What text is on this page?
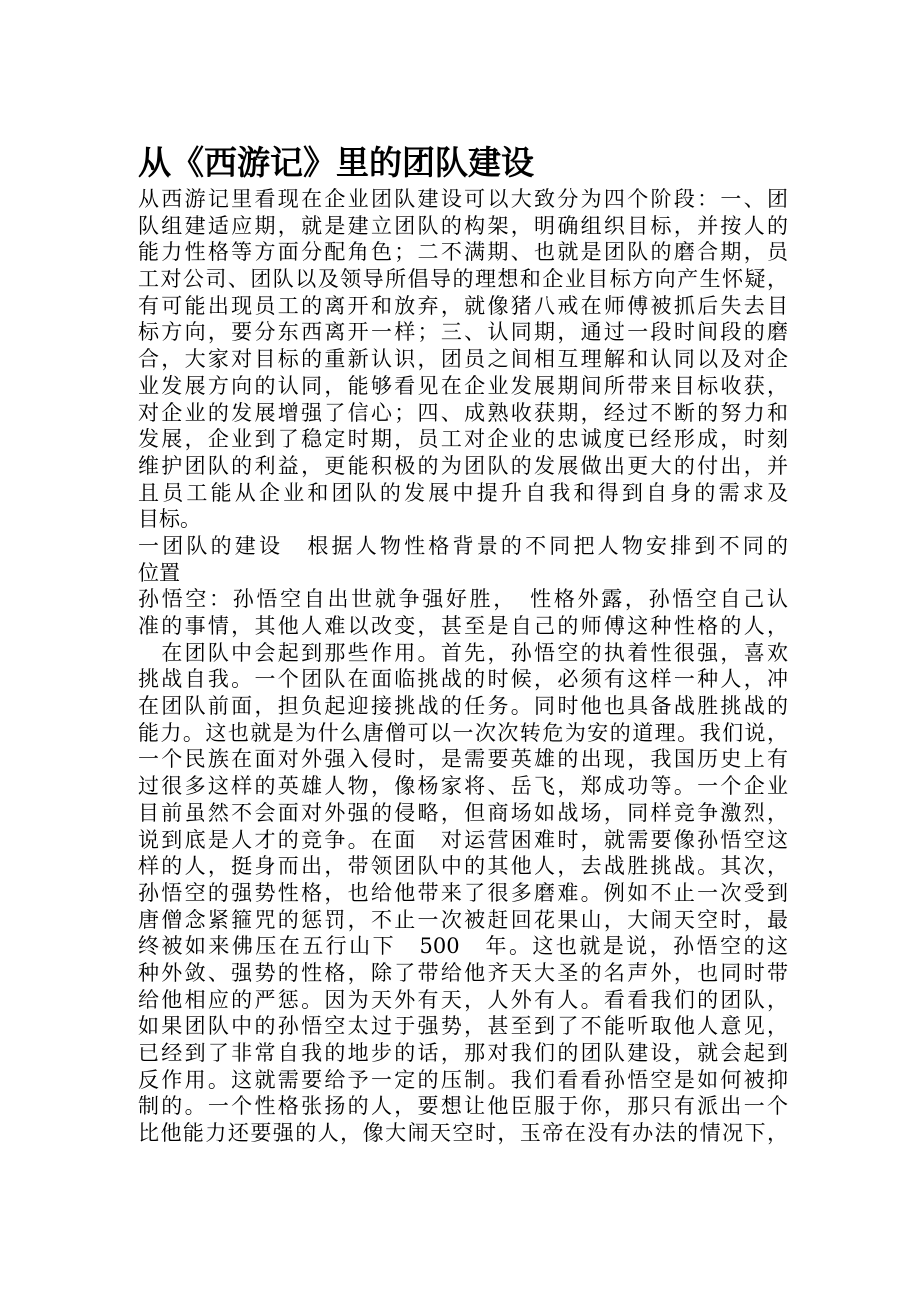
从《西游记》里的团队建设
从西游记里看现在企业团队建设可以大致分为四个阶段：一、团
队组建适应期，就是建立团队的构架，明确组织目标，并按人的
能力性格等方面分配角色；二不满期、也就是团队的磨合期，员
工对公司、团队以及领导所倡导的理想和企业目标方向产生怀疑，
有可能出现员工的离开和放弃，就像猪八戒在师傅被抓后失去目
标方向，要分东西离开一样；三、认同期，通过一段时间段的磨
合，大家对目标的重新认识，团员之间相互理解和认同以及对企
业发展方向的认同，能够看见在企业发展期间所带来目标收获，
对企业的发展增强了信心；四、成熟收获期，经过不断的努力和
发展，企业到了稳定时期，员工对企业的忠诚度已经形成，时刻
维护团队的利益，更能积极的为团队的发展做出更大的付出，并
且员工能从企业和团队的发展中提升自我和得到自身的需求及
目标。
一团队的建设　根据人物性格背景的不同把人物安排到不同的
位置
孙悟空：孙悟空自出世就争强好胜，　性格外露，孙悟空自己认
准的事情，其他人难以改变，甚至是自己的师傅这种性格的人，
　在团队中会起到那些作用。首先，孙悟空的执着性很强，喜欢
挑战自我。一个团队在面临挑战的时候，必须有这样一种人，冲
在团队前面，担负起迎接挑战的任务。同时他也具备战胜挑战的
能力。这也就是为什么唐僧可以一次次转危为安的道理。我们说，
一个民族在面对外强入侵时，是需要英雄的出现，我国历史上有
过很多这样的英雄人物，像杨家将、岳飞，郑成功等。一个企业
目前虽然不会面对外强的侵略，但商场如战场，同样竞争激烈，
说到底是人才的竞争。在面　对运营困难时，就需要像孙悟空这
样的人，挺身而出，带领团队中的其他人，去战胜挑战。其次，
孙悟空的强势性格，也给他带来了很多磨难。例如不止一次受到
唐僧念紧箍咒的惩罚，不止一次被赶回花果山，大闹天空时，最
终被如来佛压在五行山下　500　年。这也就是说，孙悟空的这
种外敛、强势的性格，除了带给他齐天大圣的名声外，也同时带
给他相应的严惩。因为天外有天，人外有人。看看我们的团队，
如果团队中的孙悟空太过于强势，甚至到了不能听取他人意见，
已经到了非常自我的地步的话，那对我们的团队建设，就会起到
反作用。这就需要给予一定的压制。我们看看孙悟空是如何被抑
制的。一个性格张扬的人，要想让他臣服于你，那只有派出一个
比他能力还要强的人，像大闹天空时，玉帝在没有办法的情况下，
